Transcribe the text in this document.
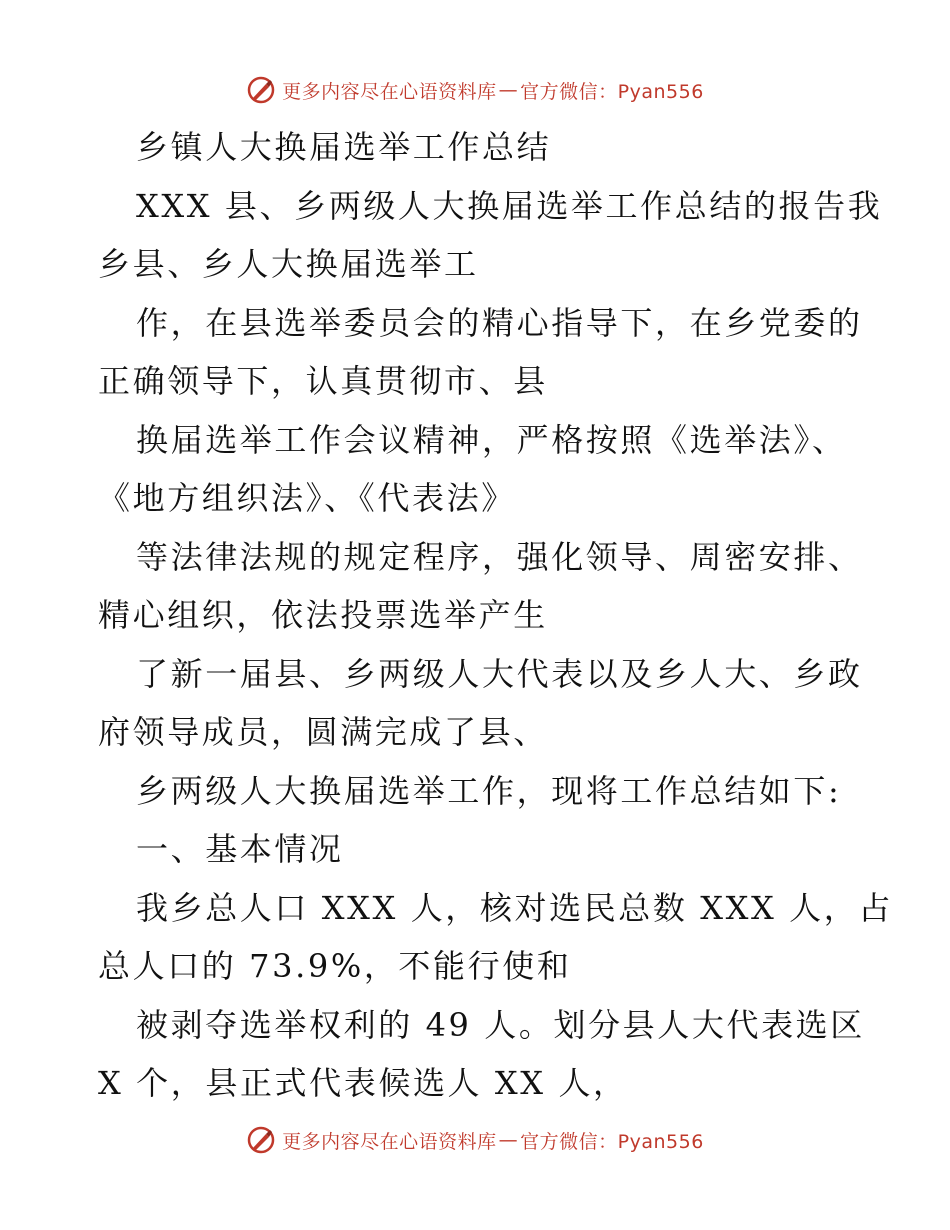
更多内容尽在心语资料库 — 官方微信：Pyan556
乡镇人大换届选举工作总结
XXX 县、乡两级人大换届选举工作总结的报告我
乡县、乡人大换届选举工
作，在县选举委员会的精心指导下，在乡党委的
正确领导下，认真贯彻市、县
换届选举工作会议精神，严格按照《选举法》、
《地方组织法》、《代表法》
等法律法规的规定程序，强化领导、周密安排、
精心组织，依法投票选举产生
了新一届县、乡两级人大代表以及乡人大、乡政
府领导成员，圆满完成了县、
乡两级人大换届选举工作，现将工作总结如下:
一、基本情况
我乡总人口 XXX 人，核对选民总数 XXX 人，占
总人口的 73.9%，不能行使和
被剥夺选举权利的 49 人。划分县人大代表选区
X 个，县正式代表候选人 XX 人，
更多内容尽在心语资料库 — 官方微信：Pyan556
